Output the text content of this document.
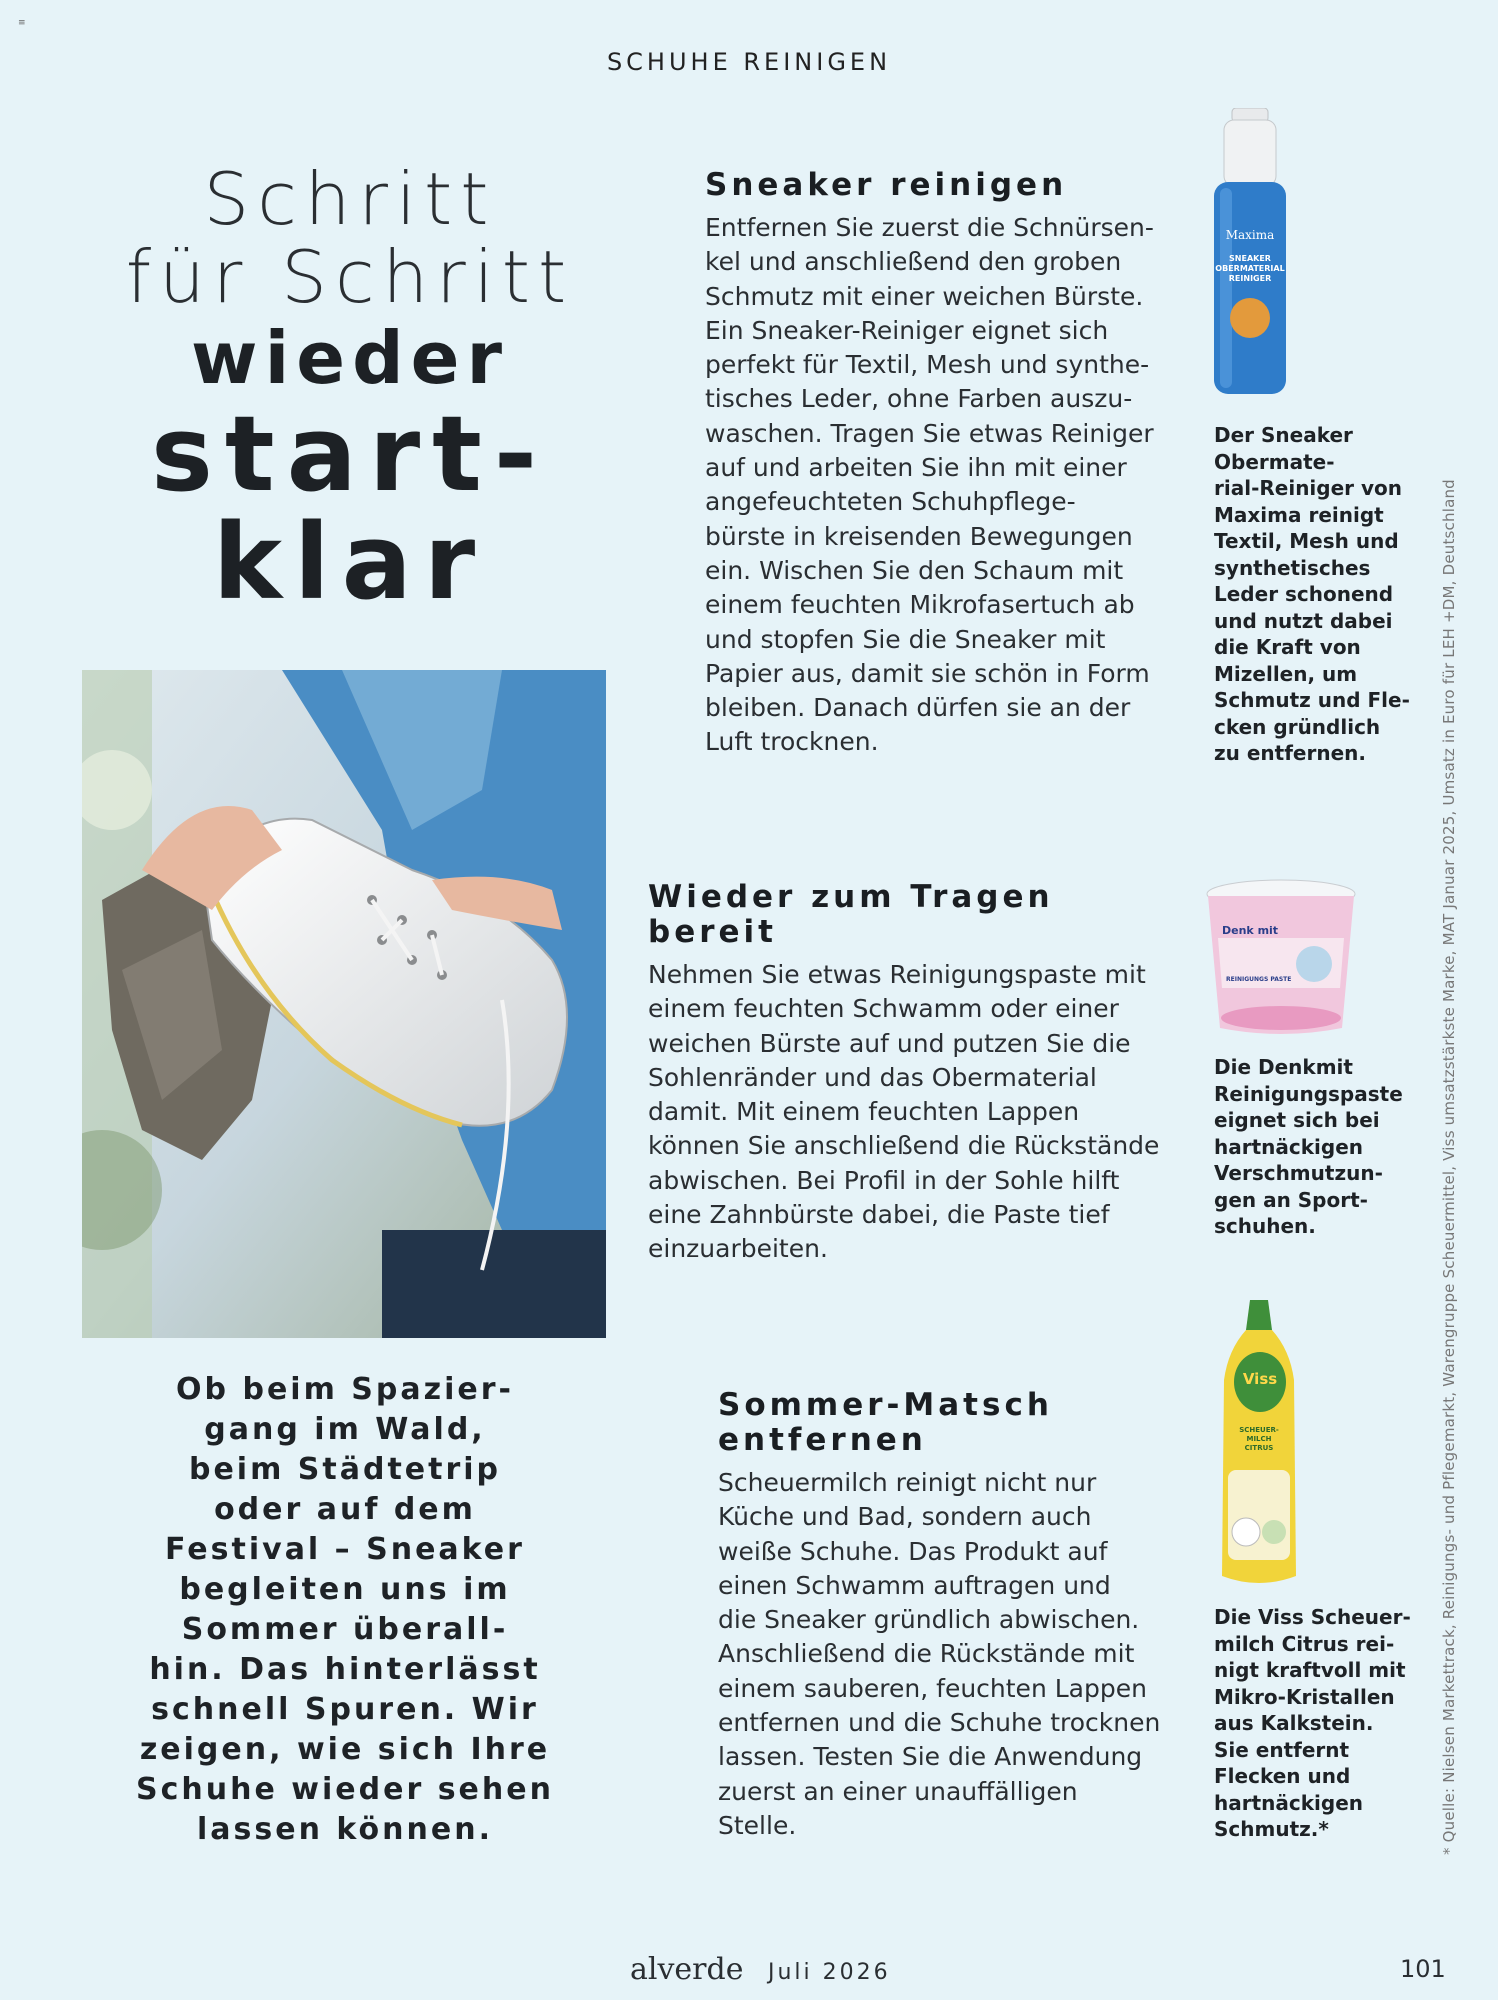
≡
SCHUHE REINIGEN
Schritt
für Schritt
wieder
start-
klar
Ob beim Spazier-
gang im Wald,
beim Städtetrip
oder auf dem
Festival – Sneaker
begleiten uns im
Sommer überall-
hin. Das hinterlässt
schnell Spuren. Wir
zeigen, wie sich Ihre
Schuhe wieder sehen
lassen können.
Sneaker reinigen
Entfernen Sie zuerst die Schnürsen-
kel und anschließend den groben
Schmutz mit einer weichen Bürste.
Ein Sneaker-Reiniger eignet sich
perfekt für Textil, Mesh und synthe-
tisches Leder, ohne Farben auszu-
waschen. Tragen Sie etwas Reiniger
auf und arbeiten Sie ihn mit einer
angefeuchteten Schuhpflege-
bürste in kreisenden Bewegungen
ein. Wischen Sie den Schaum mit
einem feuchten Mikrofasertuch ab
und stopfen Sie die Sneaker mit
Papier aus, damit sie schön in Form
bleiben. Danach dürfen sie an der
Luft trocknen.
Wieder zum Tragen bereit
Nehmen Sie etwas Reinigungspaste mit
einem feuchten Schwamm oder einer
weichen Bürste auf und putzen Sie die
Sohlenränder und das Obermaterial
damit. Mit einem feuchten Lappen
können Sie anschließend die Rückstände
abwischen. Bei Profil in der Sohle hilft
eine Zahnbürste dabei, die Paste tief
einzuarbeiten.
Sommer-Matsch
entfernen
Scheuermilch reinigt nicht nur
Küche und Bad, sondern auch
weiße Schuhe. Das Produkt auf
einen Schwamm auftragen und
die Sneaker gründlich abwischen.
Anschließend die Rückstände mit
einem sauberen, feuchten Lappen
entfernen und die Schuhe trocknen
lassen. Testen Sie die Anwendung
zuerst an einer unauffälligen
Stelle.
Maxima
SNEAKER
OBERMATERIAL
REINIGER
Der Sneaker
Obermate-
rial-Reiniger von
Maxima reinigt
Textil, Mesh und
synthetisches
Leder schonend
und nutzt dabei
die Kraft von
Mizellen, um
Schmutz und Fle-
cken gründlich
zu entfernen.
Denk mit
REINIGUNGS PASTE
Die Denkmit
Reinigungspaste
eignet sich bei
hartnäckigen
Verschmutzun-
gen an Sport-
schuhen.
Viss
SCHEUER-
MILCH
CITRUS
Die Viss Scheuer-
milch Citrus rei-
nigt kraftvoll mit
Mikro-Kristallen
aus Kalkstein.
Sie entfernt
Flecken und
hartnäckigen
Schmutz.*	* Quelle: Nielsen Markettrack, Reinigungs- und Pflegemarkt, Warengruppe Scheuermittel, Viss umsatzstärkste Marke, MAT Januar 2025, Umsatz in Euro für LEH +DM, Deutschland
alverde Juli 2026	101
